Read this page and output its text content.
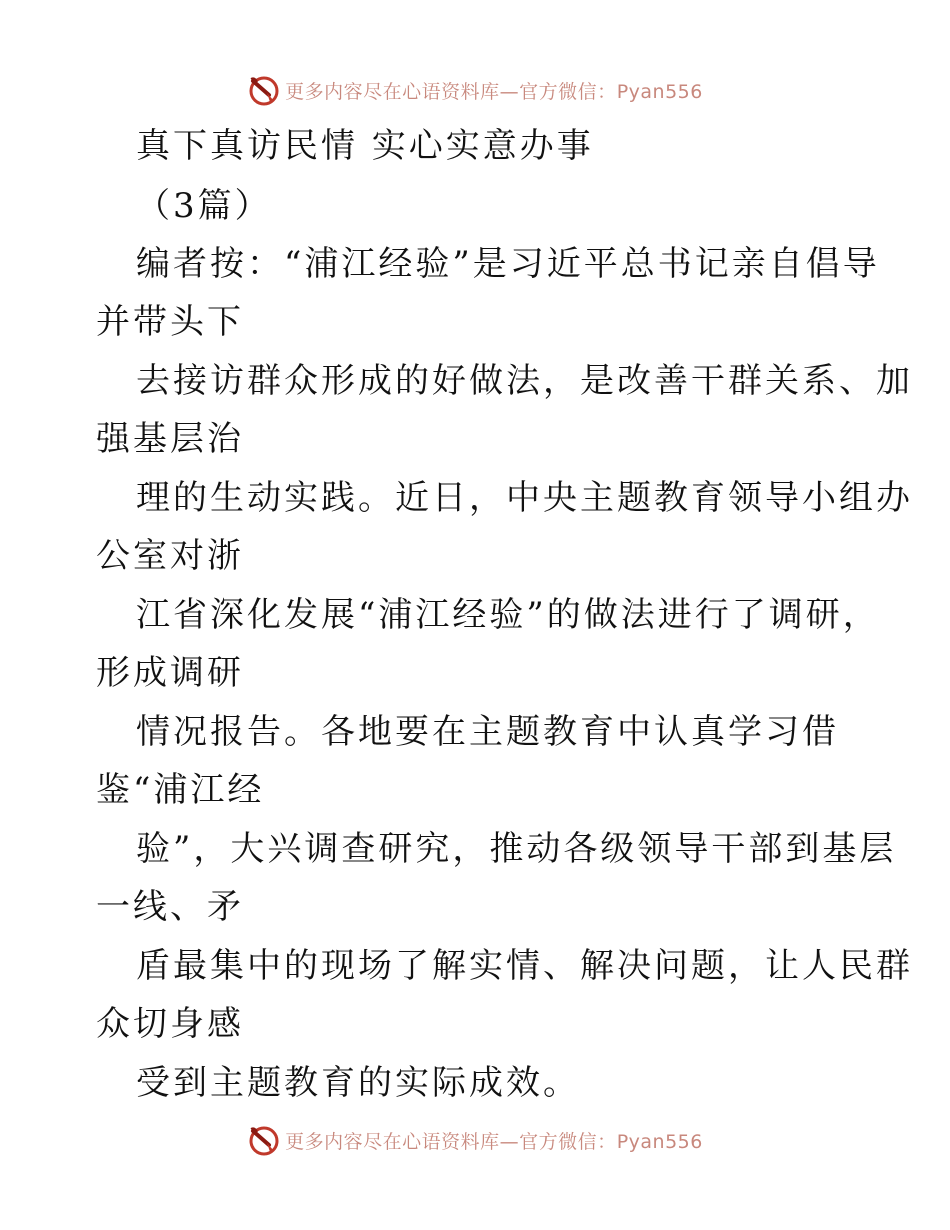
更多内容尽在心语资料库—官方微信：Pyan556
真下真访民情 实心实意办事
（3篇）
编者按：“浦江经验”是习近平总书记亲自倡导
并带头下
去接访群众形成的好做法，是改善干群关系、加
强基层治
理的生动实践。近日，中央主题教育领导小组办
公室对浙
江省深化发展“浦江经验”的做法进行了调研，
形成调研
情况报告。各地要在主题教育中认真学习借
鉴“浦江经
验”，大兴调查研究，推动各级领导干部到基层
一线、矛
盾最集中的现场了解实情、解决问题，让人民群
众切身感
受到主题教育的实际成效。
更多内容尽在心语资料库—官方微信：Pyan556
